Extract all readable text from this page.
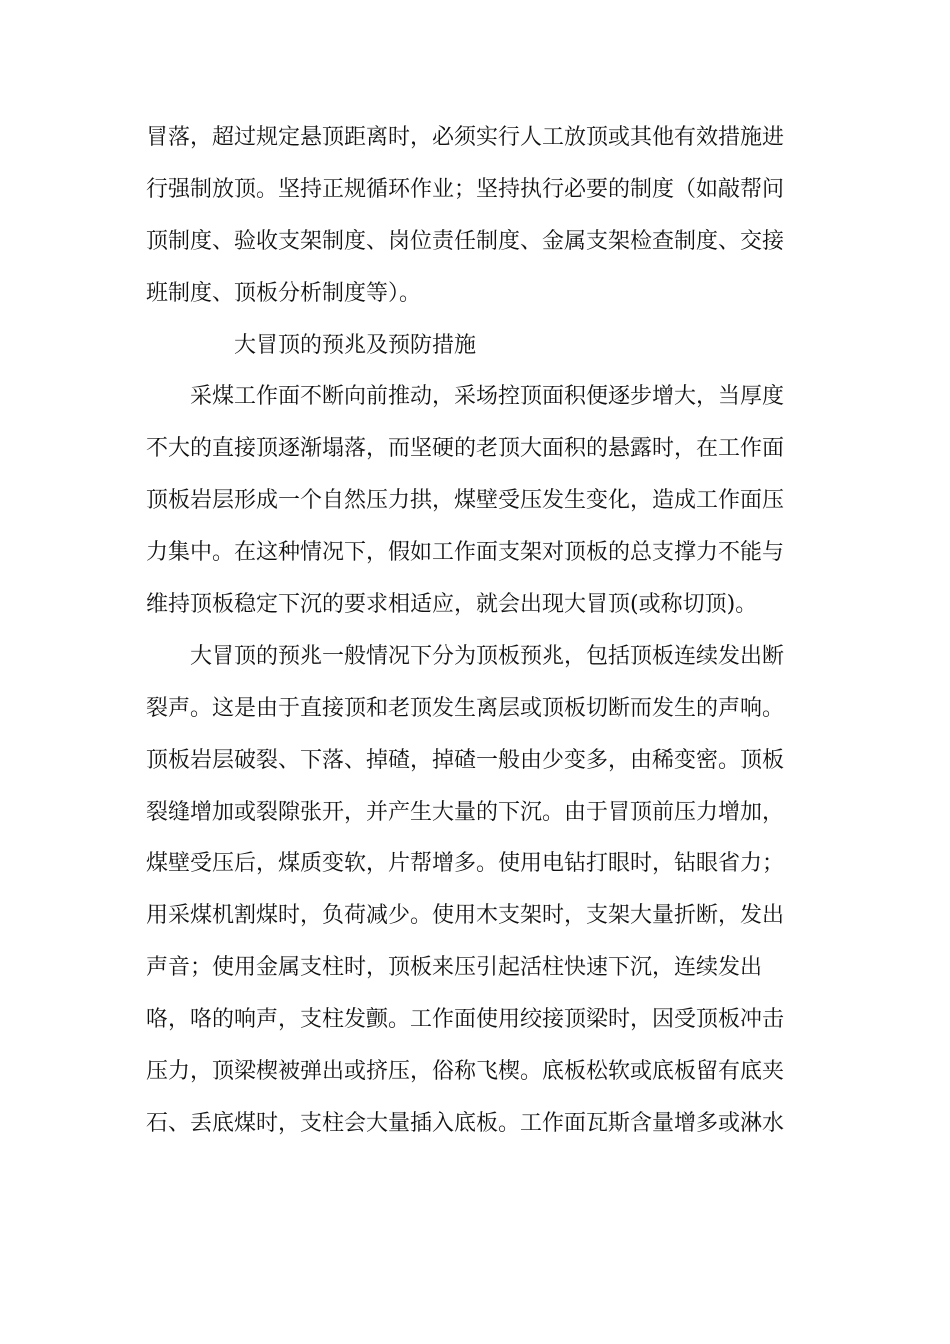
冒落，超过规定悬顶距离时，必须实行人工放顶或其他有效措施进
行强制放顶。坚持正规循环作业；坚持执行必要的制度（如敲帮问
顶制度、验收支架制度、岗位责任制度、金属支架检查制度、交接
班制度、顶板分析制度等）。
大冒顶的预兆及预防措施
采煤工作面不断向前推动，采场控顶面积便逐步增大，当厚度
不大的直接顶逐渐塌落，而坚硬的老顶大面积的悬露时，在工作面
顶板岩层形成一个自然压力拱，煤壁受压发生变化，造成工作面压
力集中。在这种情况下，假如工作面支架对顶板的总支撑力不能与
维持顶板稳定下沉的要求相适应，就会出现大冒顶(或称切顶)。
大冒顶的预兆一般情况下分为顶板预兆，包括顶板连续发出断
裂声。这是由于直接顶和老顶发生离层或顶板切断而发生的声响。
顶板岩层破裂、下落、掉碴，掉碴一般由少变多，由稀变密。顶板
裂缝增加或裂隙张开，并产生大量的下沉。由于冒顶前压力增加，
煤壁受压后，煤质变软，片帮增多。使用电钻打眼时，钻眼省力；
用采煤机割煤时，负荷减少。使用木支架时，支架大量折断，发出
声音；使用金属支柱时，顶板来压引起活柱快速下沉，连续发出
咯，咯的响声，支柱发颤。工作面使用绞接顶梁时，因受顶板冲击
压力，顶梁楔被弹出或挤压，俗称飞楔。底板松软或底板留有底夹
石、丢底煤时，支柱会大量插入底板。工作面瓦斯含量增多或淋水
